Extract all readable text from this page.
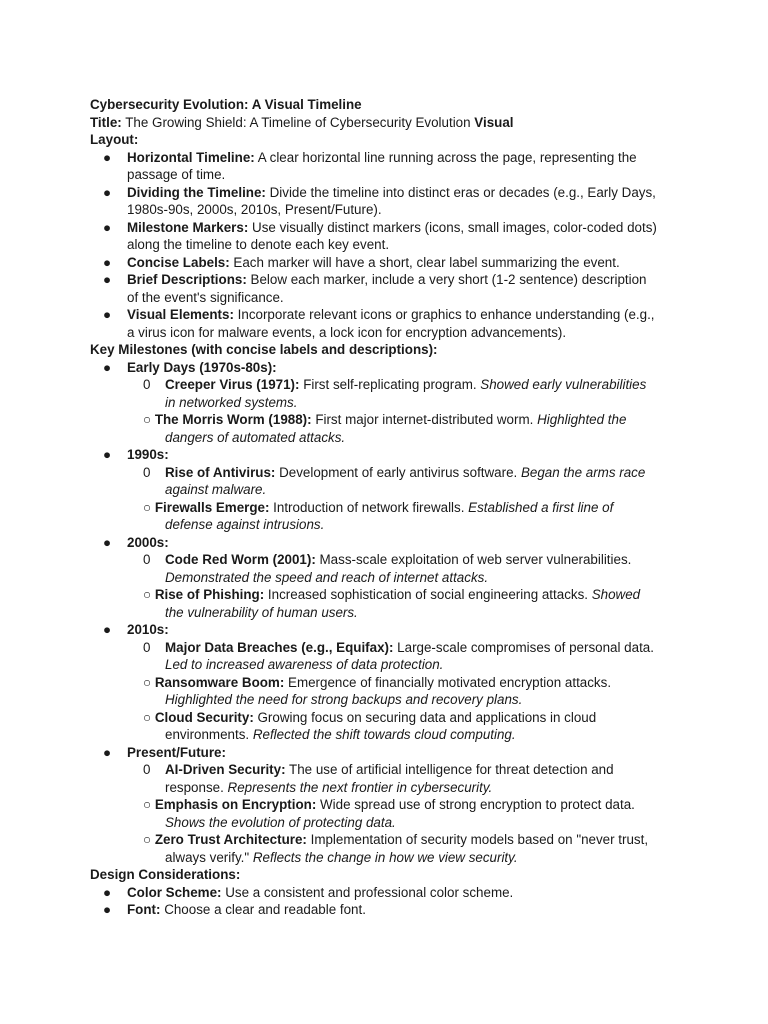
Cybersecurity Evolution: A Visual Timeline
Title: The Growing Shield: A Timeline of Cybersecurity Evolution Visual
Layout:
● Horizontal Timeline: A clear horizontal line running across the page, representing the
passage of time.
● Dividing the Timeline: Divide the timeline into distinct eras or decades (e.g., Early Days,
1980s-90s, 2000s, 2010s, Present/Future).
● Milestone Markers: Use visually distinct markers (icons, small images, color-coded dots)
along the timeline to denote each key event.
● Concise Labels: Each marker will have a short, clear label summarizing the event.
● Brief Descriptions: Below each marker, include a very short (1-2 sentence) description
of the event's significance.
● Visual Elements: Incorporate relevant icons or graphics to enhance understanding (e.g.,
a virus icon for malware events, a lock icon for encryption advancements).
Key Milestones (with concise labels and descriptions):
● Early Days (1970s-80s):
0 Creeper Virus (1971): First self-replicating program. Showed early vulnerabilities
in networked systems.
○ The Morris Worm (1988): First major internet-distributed worm. Highlighted the
dangers of automated attacks.
● 1990s:
0 Rise of Antivirus: Development of early antivirus software. Began the arms race
against malware.
○ Firewalls Emerge: Introduction of network firewalls. Established a first line of
defense against intrusions.
● 2000s:
0 Code Red Worm (2001): Mass-scale exploitation of web server vulnerabilities.
Demonstrated the speed and reach of internet attacks.
○ Rise of Phishing: Increased sophistication of social engineering attacks. Showed
the vulnerability of human users.
● 2010s:
0 Major Data Breaches (e.g., Equifax): Large-scale compromises of personal data.
Led to increased awareness of data protection.
○ Ransomware Boom: Emergence of financially motivated encryption attacks.
Highlighted the need for strong backups and recovery plans.
○ Cloud Security: Growing focus on securing data and applications in cloud
environments. Reflected the shift towards cloud computing.
● Present/Future:
0 AI-Driven Security: The use of artificial intelligence for threat detection and
response. Represents the next frontier in cybersecurity.
○ Emphasis on Encryption: Wide spread use of strong encryption to protect data.
Shows the evolution of protecting data.
○ Zero Trust Architecture: Implementation of security models based on "never trust,
always verify." Reflects the change in how we view security.
Design Considerations:
● Color Scheme: Use a consistent and professional color scheme.
● Font: Choose a clear and readable font.
